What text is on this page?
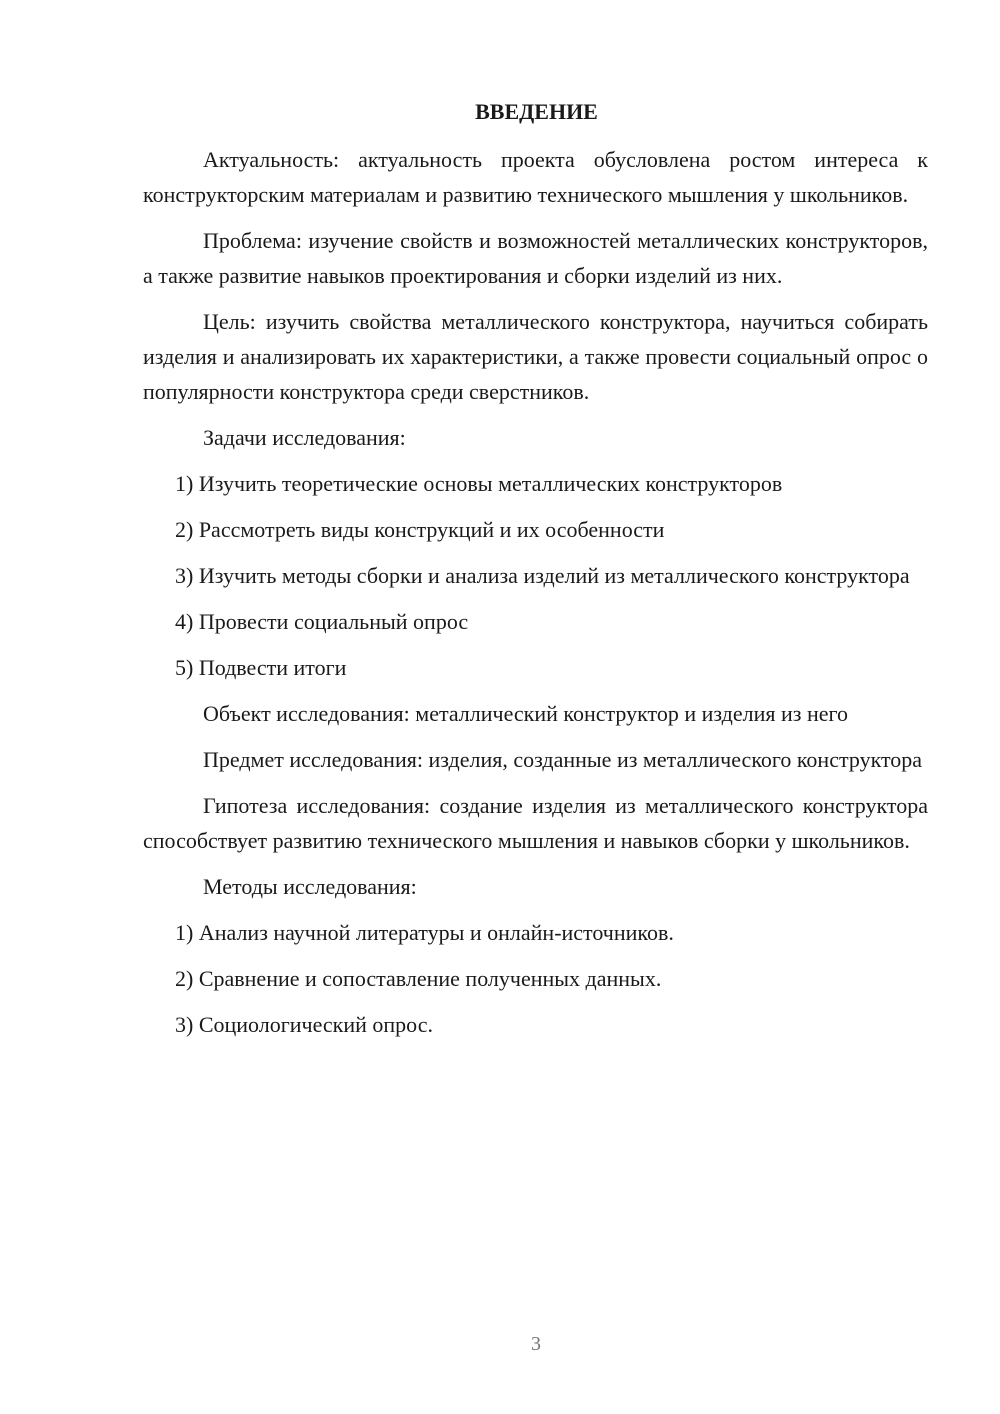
ВВЕДЕНИЕ

Актуальность: актуальность проекта обусловлена ростом интереса к конструкторским материалам и развитию технического мышления у школьников.

Проблема: изучение свойств и возможностей металлических конструкторов, а также развитие навыков проектирования и сборки изделий из них.

Цель: изучить свойства металлического конструктора, научиться собирать изделия и анализировать их характеристики, а также провести социальный опрос о популярности конструктора среди сверстников.

Задачи исследования:

1) Изучить теоретические основы металлических конструкторов

2) Рассмотреть виды конструкций и их особенности

3) Изучить методы сборки и анализа изделий из металлического конструктора

4) Провести социальный опрос

5) Подвести итоги

Объект исследования: металлический конструктор и изделия из него

Предмет исследования: изделия, созданные из металлического конструктора

Гипотеза исследования: создание изделия из металлического конструктора способствует развитию технического мышления и навыков сборки у школьников.

Методы исследования:

1) Анализ научной литературы и онлайн-источников.

2) Сравнение и сопоставление полученных данных.

3) Социологический опрос.

3
